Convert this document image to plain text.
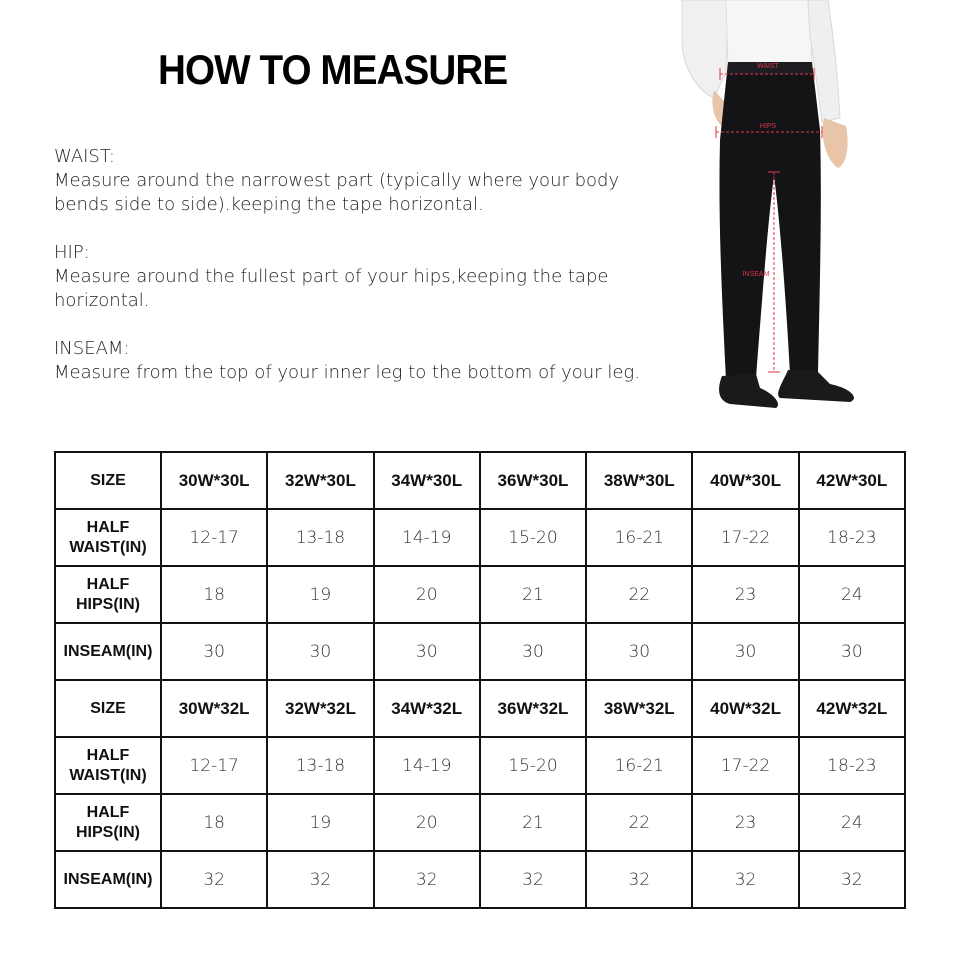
HOW TO MEASURE

WAIST:

Measure around the narrowest part (typically where your body

bends side to side).keeping the tape horizontal.

HIP:

Measure around the fullest part of your hips,keeping the tape

horizontal.

INSEAM:

Measure from the top of your inner leg to the bottom of your leg.

WAIST
HIPS
INSEAM
SIZE	30W*30L	32W*30L	34W*30L	36W*30L	38W*30L	40W*30L	42W*30L
HALF
WAIST(IN)	12-17	13-18	14-19	15-20	16-21	17-22	18-23
HALF
HIPS(IN)	18	19	20	21	22	23	24
INSEAM(IN)	30	30	30	30	30	30	30
SIZE	30W*32L	32W*32L	34W*32L	36W*32L	38W*32L	40W*32L	42W*32L
HALF
WAIST(IN)	12-17	13-18	14-19	15-20	16-21	17-22	18-23
HALF
HIPS(IN)	18	19	20	21	22	23	24
INSEAM(IN)	32	32	32	32	32	32	32
